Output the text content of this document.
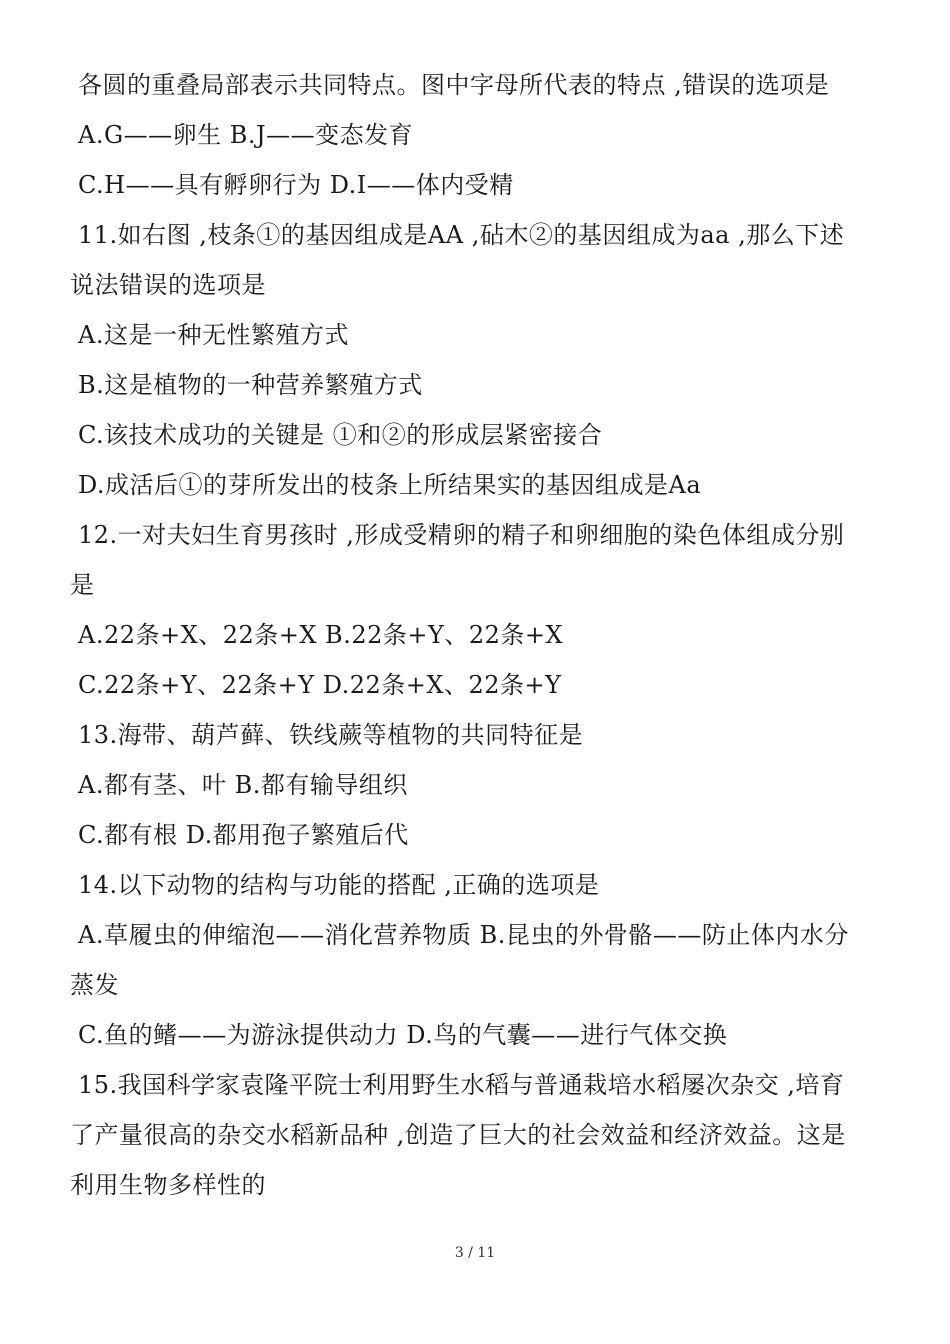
各圆的重叠局部表示共同特点。图中字母所代表的特点 ,错误的选项是
A.G——卵生 B.J——变态发育
C.H——具有孵卵行为 D.I——体内受精
11.如右图 ,枝条①的基因组成是AA ,砧木②的基因组成为aa ,那么下述
说法错误的选项是
A.这是一种无性繁殖方式
B.这是植物的一种营养繁殖方式
C.该技术成功的关键是 ①和②的形成层紧密接合
D.成活后①的芽所发出的枝条上所结果实的基因组成是Aa
12.一对夫妇生育男孩时 ,形成受精卵的精子和卵细胞的染色体组成分别
是
A.22条+X、22条+X B.22条+Y、22条+X
C.22条+Y、22条+Y D.22条+X、22条+Y
13.海带、葫芦藓、铁线蕨等植物的共同特征是
A.都有茎、叶 B.都有输导组织
C.都有根 D.都用孢子繁殖后代
14.以下动物的结构与功能的搭配 ,正确的选项是
A.草履虫的伸缩泡——消化营养物质 B.昆虫的外骨骼——防止体内水分
蒸发
C.鱼的鳍——为游泳提供动力 D.鸟的气囊——进行气体交换
15.我国科学家袁隆平院士利用野生水稻与普通栽培水稻屡次杂交 ,培育
了产量很高的杂交水稻新品种 ,创造了巨大的社会效益和经济效益。这是
利用生物多样性的
3 / 11
